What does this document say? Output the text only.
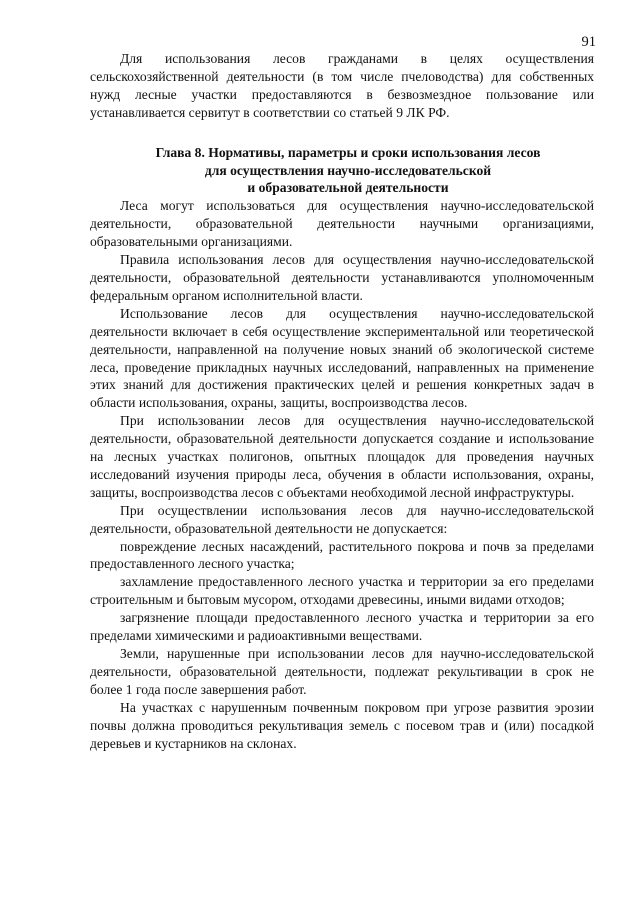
91

Для использования лесов гражданами в целях осуществления сельскохозяйственной деятельности (в том числе пчеловодства) для собственных нужд лесные участки предоставляются в безвозмездное пользование или устанавливается сервитут в соответствии со статьей 9 ЛК РФ.

Глава 8. Нормативы, параметры и сроки использования лесов
для осуществления научно-исследовательской
и образовательной деятельности

Леса могут использоваться для осуществления научно-исследовательской деятельности, образовательной деятельности научными организациями, образовательными организациями.

Правила использования лесов для осуществления научно-исследовательской деятельности, образовательной деятельности устанавливаются уполномоченным федеральным органом исполнительной власти.

Использование лесов для осуществления научно-исследовательской деятельности включает в себя осуществление экспериментальной или теоретической деятельности, направленной на получение новых знаний об экологической системе леса, проведение прикладных научных исследований, направленных на применение этих знаний для достижения практических целей и решения конкретных задач в области использования, охраны, защиты, воспроизводства лесов.

При использовании лесов для осуществления научно-исследовательской деятельности, образовательной деятельности допускается создание и использование на лесных участках полигонов, опытных площадок для проведения научных исследований изучения природы леса, обучения в области использования, охраны, защиты, воспроизводства лесов с объектами необходимой лесной инфраструктуры.

При осуществлении использования лесов для научно-исследовательской деятельности, образовательной деятельности не допускается:

повреждение лесных насаждений, растительного покрова и почв за пределами предоставленного лесного участка;

захламление предоставленного лесного участка и территории за его пределами строительным и бытовым мусором, отходами древесины, иными видами отходов;

загрязнение площади предоставленного лесного участка и территории за его пределами химическими и радиоактивными веществами.

Земли, нарушенные при использовании лесов для научно-исследовательской деятельности, образовательной деятельности, подлежат рекультивации в срок не более 1 года после завершения работ.

На участках с нарушенным почвенным покровом при угрозе развития эрозии почвы должна проводиться рекультивация земель с посевом трав и (или) посадкой деревьев и кустарников на склонах.
